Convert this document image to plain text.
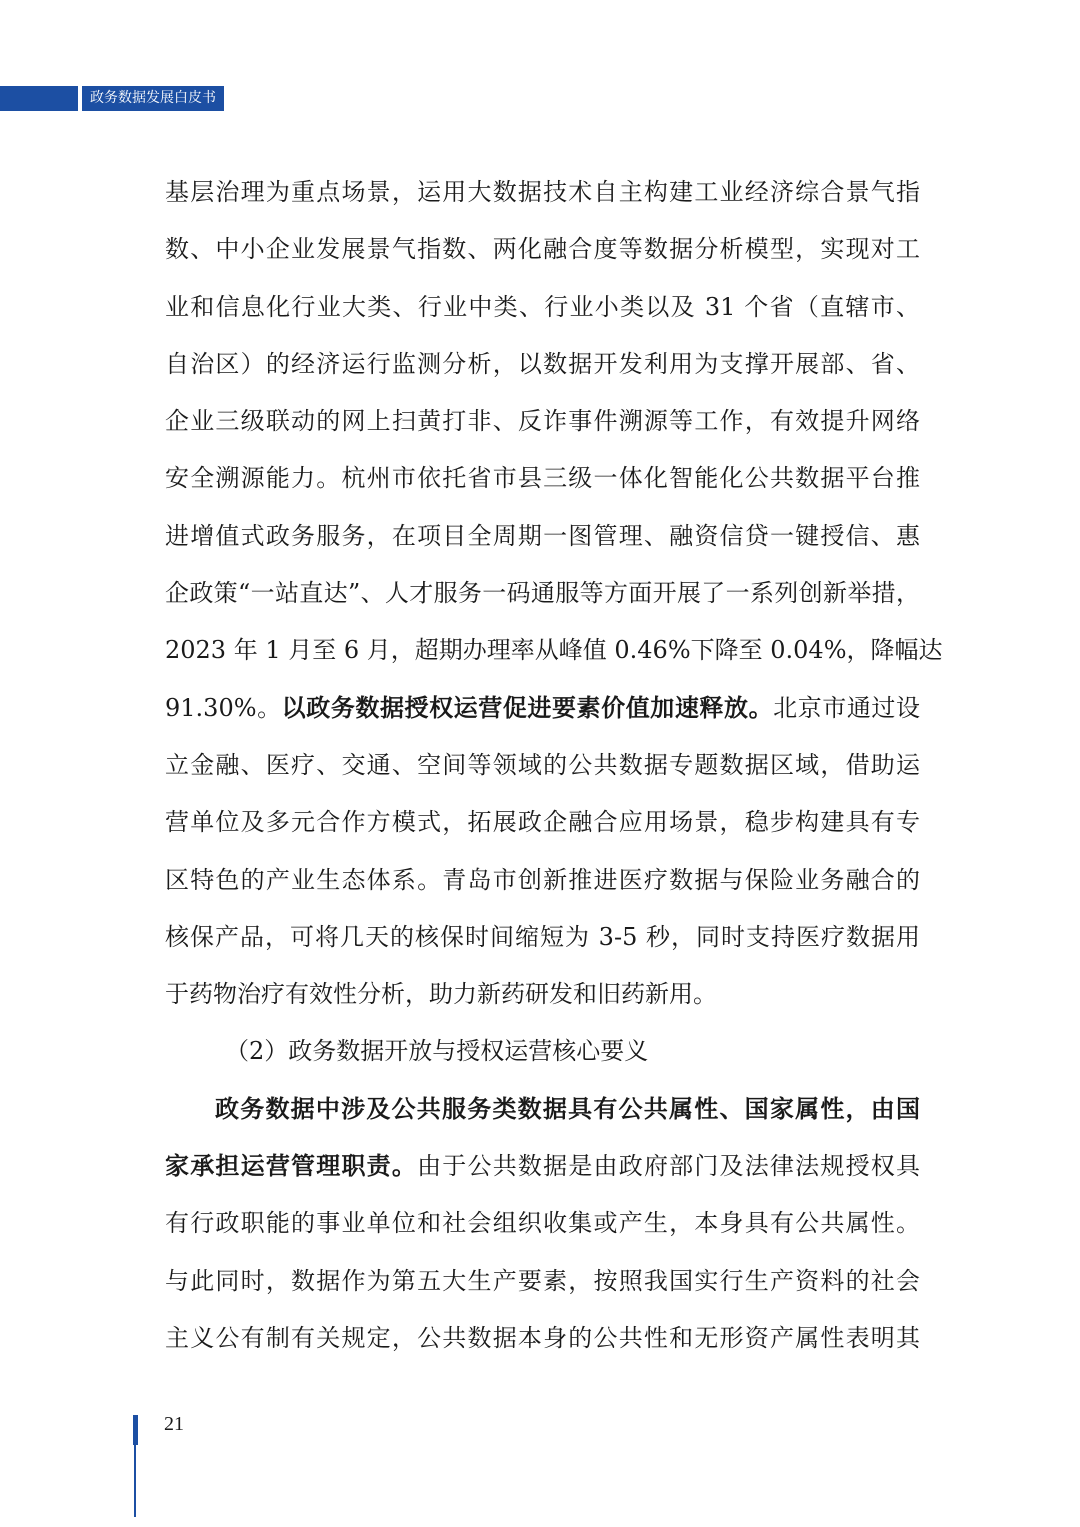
政务数据发展白皮书
基层治理为重点场景，运用大数据技术自主构建工业经济综合景气指
数、中小企业发展景气指数、两化融合度等数据分析模型，实现对工
业和信息化行业大类、行业中类、行业小类以及 31 个省（直辖市、
自治区）的经济运行监测分析，以数据开发利用为支撑开展部、省、
企业三级联动的网上扫黄打非、反诈事件溯源等工作，有效提升网络
安全溯源能力。杭州市依托省市县三级一体化智能化公共数据平台推
进增值式政务服务，在项目全周期一图管理、融资信贷一键授信、惠
企政策“一站直达”、人才服务一码通服等方面开展了一系列创新举措，
2023 年 1 月至 6 月，超期办理率从峰值 0.46%下降至 0.04%，降幅达
91.30%。以政务数据授权运营促进要素价值加速释放。北京市通过设
立金融、医疗、交通、空间等领域的公共数据专题数据区域，借助运
营单位及多元合作方模式，拓展政企融合应用场景，稳步构建具有专
区特色的产业生态体系。青岛市创新推进医疗数据与保险业务融合的
核保产品，可将几天的核保时间缩短为 3-5 秒，同时支持医疗数据用
于药物治疗有效性分析，助力新药研发和旧药新用。
（2）政务数据开放与授权运营核心要义
政务数据中涉及公共服务类数据具有公共属性、国家属性，由国
家承担运营管理职责。由于公共数据是由政府部门及法律法规授权具
有行政职能的事业单位和社会组织收集或产生，本身具有公共属性。
与此同时，数据作为第五大生产要素，按照我国实行生产资料的社会
主义公有制有关规定，公共数据本身的公共性和无形资产属性表明其
21
